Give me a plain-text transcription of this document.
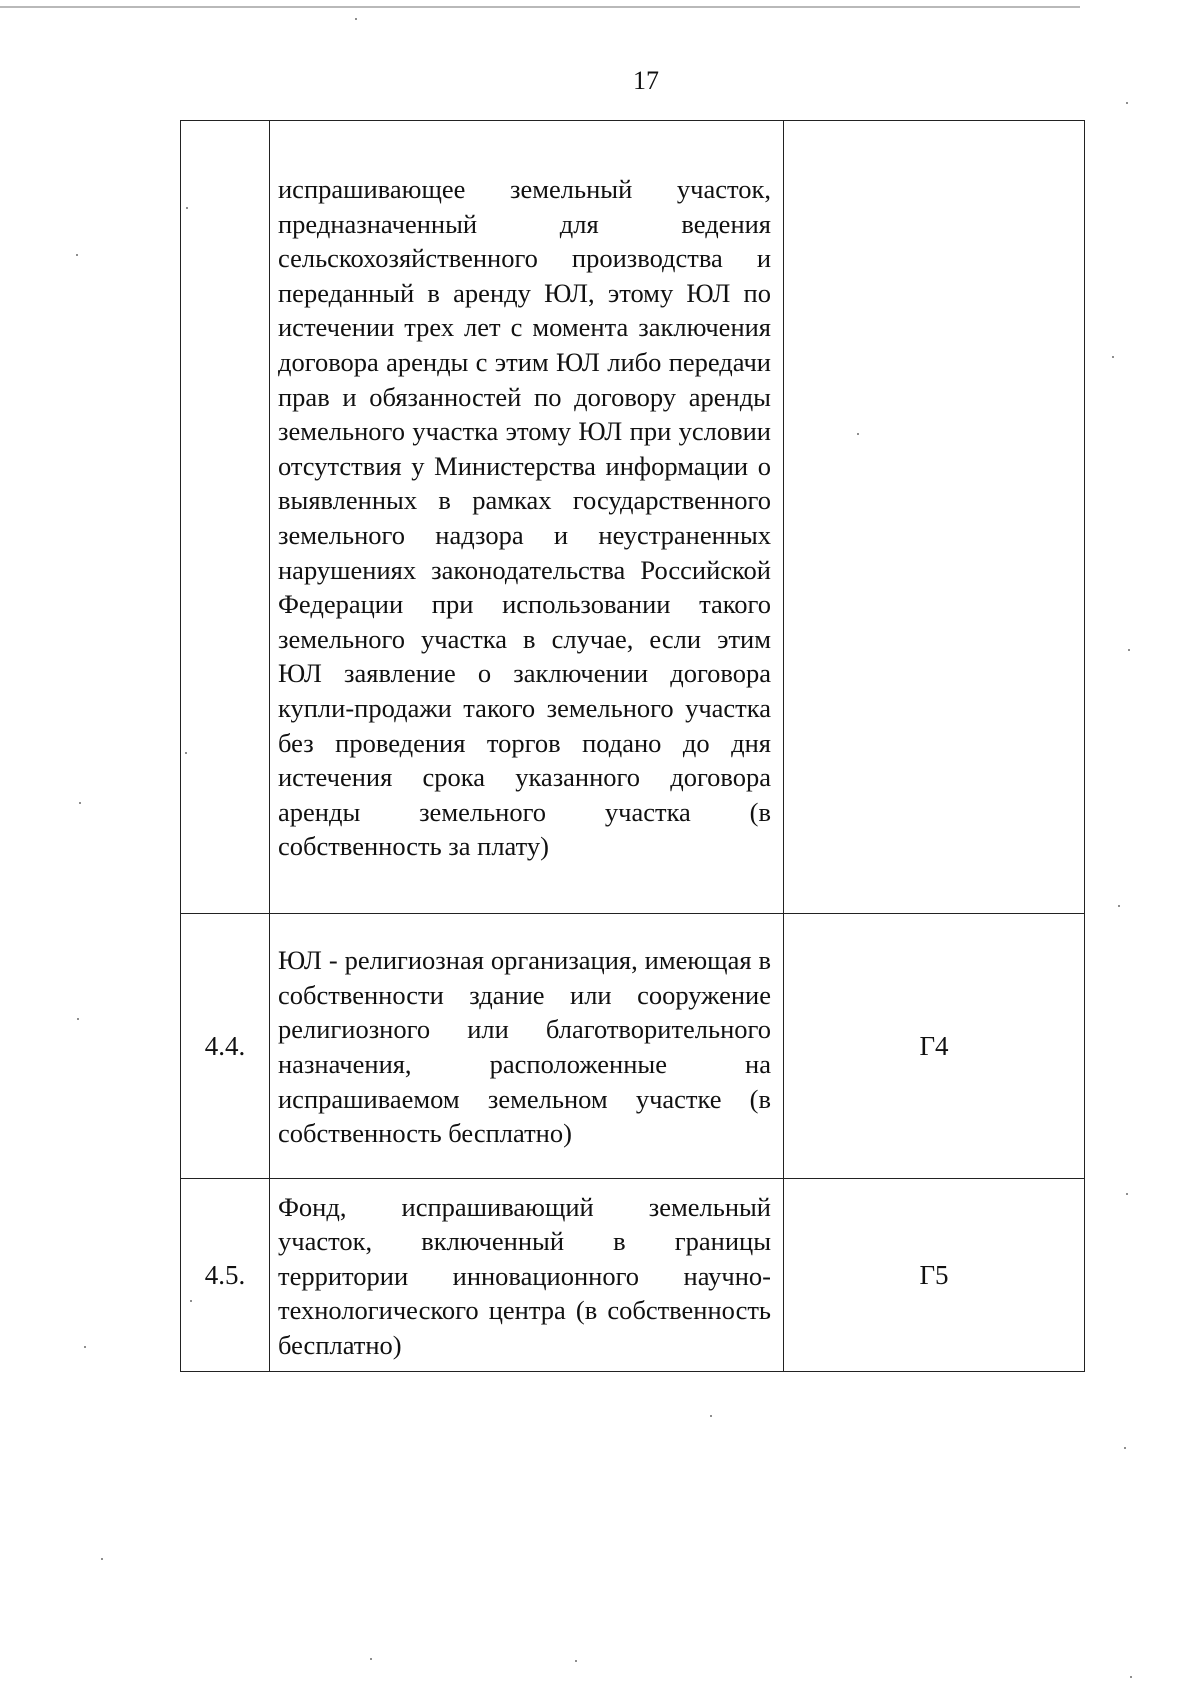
17
	испрашивающее земельный участок, предназначенный для ведения сельскохозяйственного производства и переданный в аренду ЮЛ, этому ЮЛ по истечении трех лет с момента заключения договора аренды с этим ЮЛ либо передачи прав и обязанностей по договору аренды земельного участка этому ЮЛ при условии отсутствия у Министерства информации о выявленных в рамках государственного земельного надзора и неустраненных нарушениях законодательства Российской Федерации при использовании такого земельного участка в случае, если этим ЮЛ заявление о заключении договора купли-продажи такого земельного участка без проведения торгов подано до дня истечения срока указанного договора аренды земельного участка (в собственность за плату)	
4.4.	ЮЛ - религиозная организация, имеющая в собственности здание или сооружение религиозного или благотворительного назначения, расположенные на испрашиваемом земельном участке (в собственность бесплатно)	Г4
4.5.	Фонд, испрашивающий земельный участок, включенный в границы территории инновационного научно-технологического центра (в собственность бесплатно)	Г5
